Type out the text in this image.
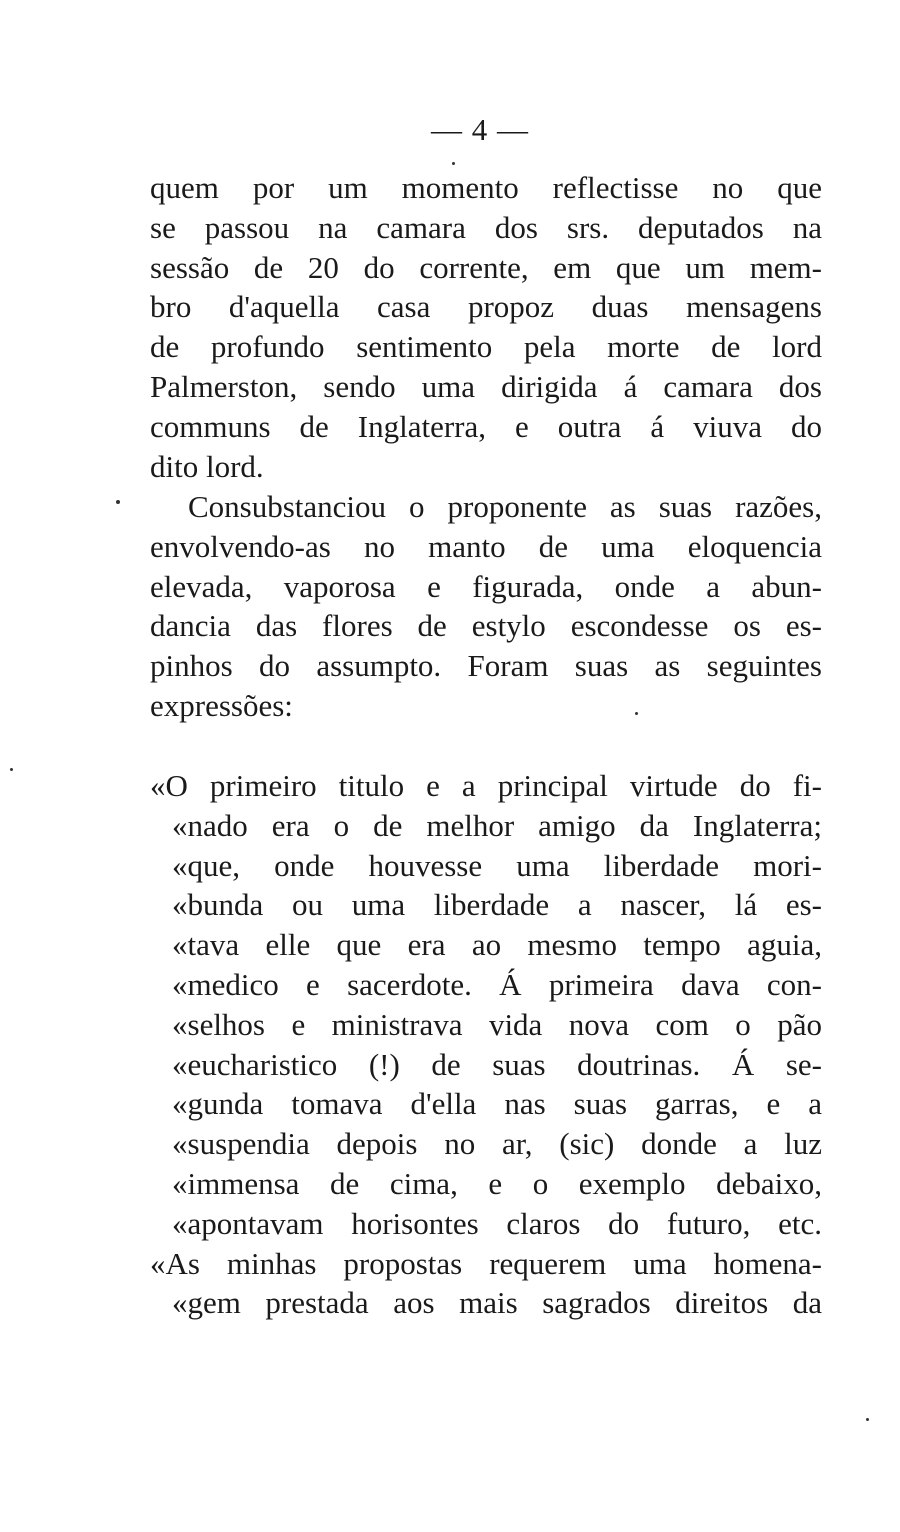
— 4 —
quem por um momento reflectisse no que
se passou na camara dos srs. deputados na
sessão de 20 do corrente, em que um mem-
bro d'aquella casa propoz duas mensagens
de profundo sentimento pela morte de lord
Palmerston, sendo uma dirigida á camara dos
communs de Inglaterra, e outra á viuva do
dito lord.
Consubstanciou o proponente as suas razões,
envolvendo-as no manto de uma eloquencia
elevada, vaporosa e figurada, onde a abun-
dancia das flores de estylo escondesse os es-
pinhos do assumpto. Foram suas as seguintes
expressões:
«O primeiro titulo e a principal virtude do fi-
«nado era o de melhor amigo da Inglaterra;
«que, onde houvesse uma liberdade mori-
«bunda ou uma liberdade a nascer, lá es-
«tava elle que era ao mesmo tempo aguia,
«medico e sacerdote. Á primeira dava con-
«selhos e ministrava vida nova com o pão
«eucharistico (!) de suas doutrinas. Á se-
«gunda tomava d'ella nas suas garras, e a
«suspendia depois no ar, (sic) donde a luz
«immensa de cima, e o exemplo debaixo,
«apontavam horisontes claros do futuro, etc.
«As minhas propostas requerem uma homena-
«gem prestada aos mais sagrados direitos da
